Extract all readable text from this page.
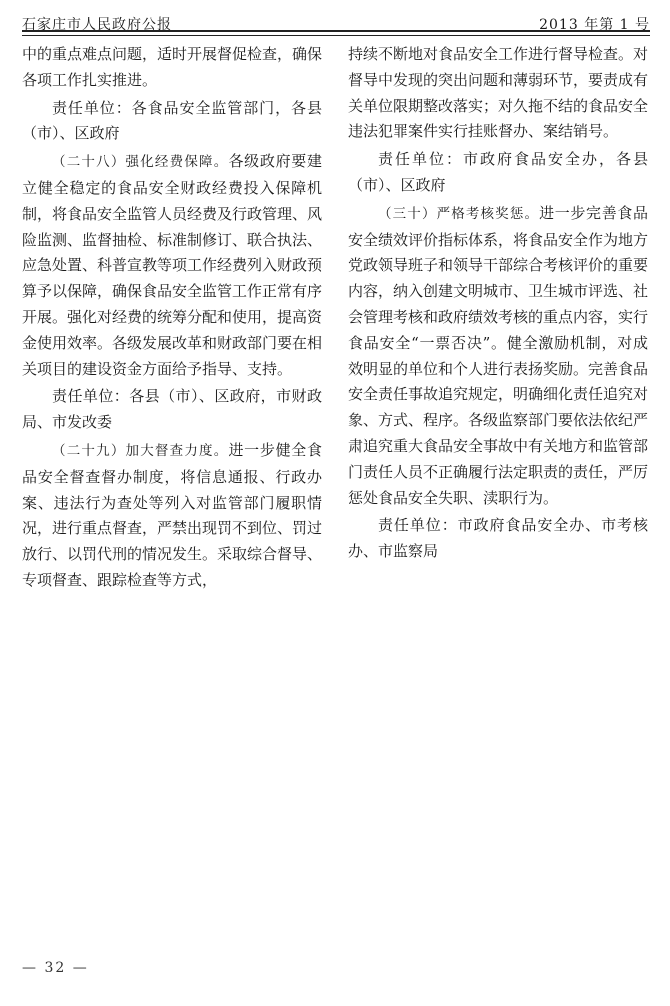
石家庄市人民政府公报	2013 年第 1 号

中的重点难点问题，适时开展督促检查，确保各项工作扎实推进。

责任单位：各食品安全监管部门，各县（市）、区政府

（二十八）强化经费保障。各级政府要建立健全稳定的食品安全财政经费投入保障机制，将食品安全监管人员经费及行政管理、风险监测、监督抽检、标准制修订、联合执法、应急处置、科普宣教等项工作经费列入财政预算予以保障，确保食品安全监管工作正常有序开展。强化对经费的统筹分配和使用，提高资金使用效率。各级发展改革和财政部门要在相关项目的建设资金方面给予指导、支持。

责任单位：各县（市）、区政府，市财政局、市发改委

（二十九）加大督查力度。进一步健全食品安全督查督办制度，将信息通报、行政办案、违法行为查处等列入对监管部门履职情况，进行重点督查，严禁出现罚不到位、罚过放行、以罚代刑的情况发生。采取综合督导、专项督查、跟踪检查等方式，

持续不断地对食品安全工作进行督导检查。对督导中发现的突出问题和薄弱环节，要责成有关单位限期整改落实；对久拖不结的食品安全违法犯罪案件实行挂账督办、案结销号。

责任单位：市政府食品安全办，各县（市）、区政府

（三十）严格考核奖惩。进一步完善食品安全绩效评价指标体系，将食品安全作为地方党政领导班子和领导干部综合考核评价的重要内容，纳入创建文明城市、卫生城市评选、社会管理考核和政府绩效考核的重点内容，实行食品安全“一票否决”。健全激励机制，对成效明显的单位和个人进行表扬奖励。完善食品安全责任事故追究规定，明确细化责任追究对象、方式、程序。各级监察部门要依法依纪严肃追究重大食品安全事故中有关地方和监管部门责任人员不正确履行法定职责的责任，严厉惩处食品安全失职、渎职行为。

责任单位：市政府食品安全办、市考核办、市监察局

— 32 —
